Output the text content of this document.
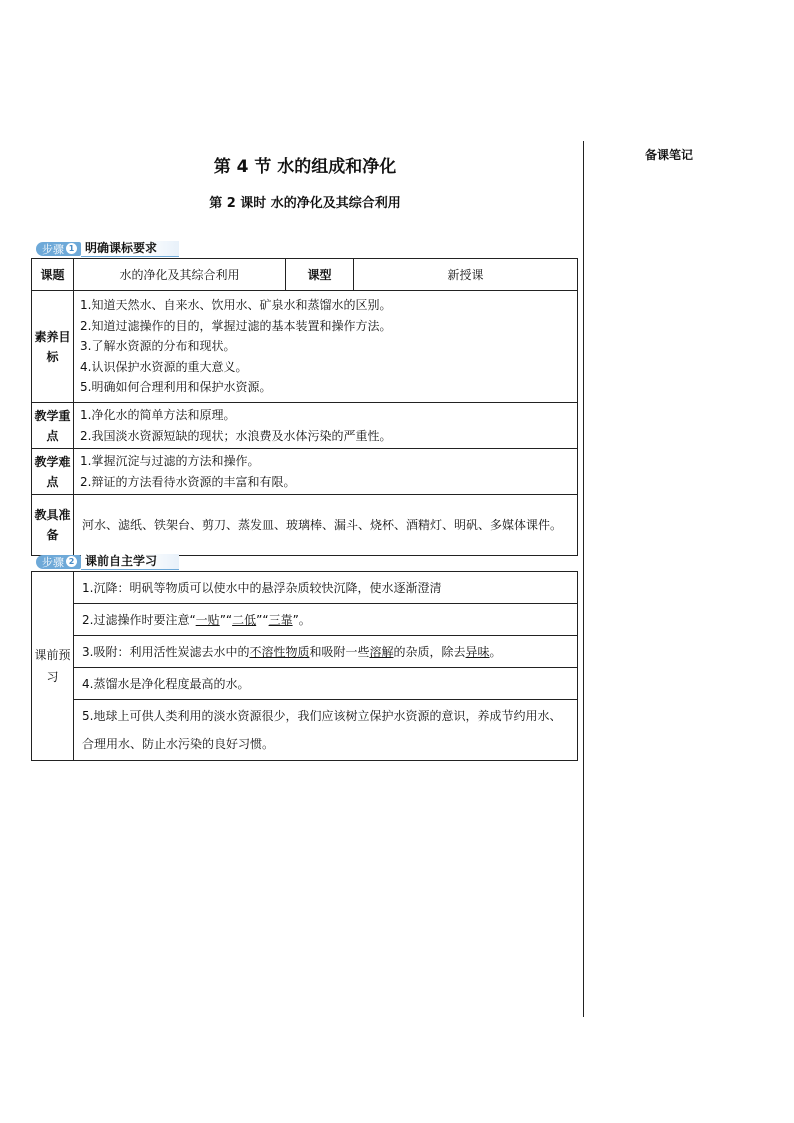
备课笔记
第 4 节 水的组成和净化
第 2 课时 水的净化及其综合利用
步骤 1 明确课标要求
课题	水的净化及其综合利用	课型	新授课
素养目标	1.知道天然水、自来水、饮用水、矿泉水和蒸馏水的区别。
2.知道过滤操作的目的，掌握过滤的基本装置和操作方法。
3.了解水资源的分布和现状。
4.认识保护水资源的重大意义。
5.明确如何合理利用和保护水资源。		

教学重点	1.净化水的简单方法和原理。
2.我国淡水资源短缺的现状；水浪费及水体污染的严重性。		

教学难点	1.掌握沉淀与过滤的方法和操作。
2.辩证的方法看待水资源的丰富和有限。		

教具准备	河水、滤纸、铁架台、剪刀、蒸发皿、玻璃棒、漏斗、烧杯、酒精灯、明矾、多媒体课件。		
步骤 2 课前自主学习
课前预习	1.沉降：明矾等物质可以使水中的悬浮杂质较快沉降，使水逐渐澄清
2.过滤操作时要注意“一贴”“二低”“三靠”。
3.吸附：利用活性炭滤去水中的不溶性物质和吸附一些溶解的杂质，除去异味。
4.蒸馏水是净化程度最高的水。
5.地球上可供人类利用的淡水资源很少，我们应该树立保护水资源的意识，养成节约用水、合理用水、防止水污染的良好习惯。
